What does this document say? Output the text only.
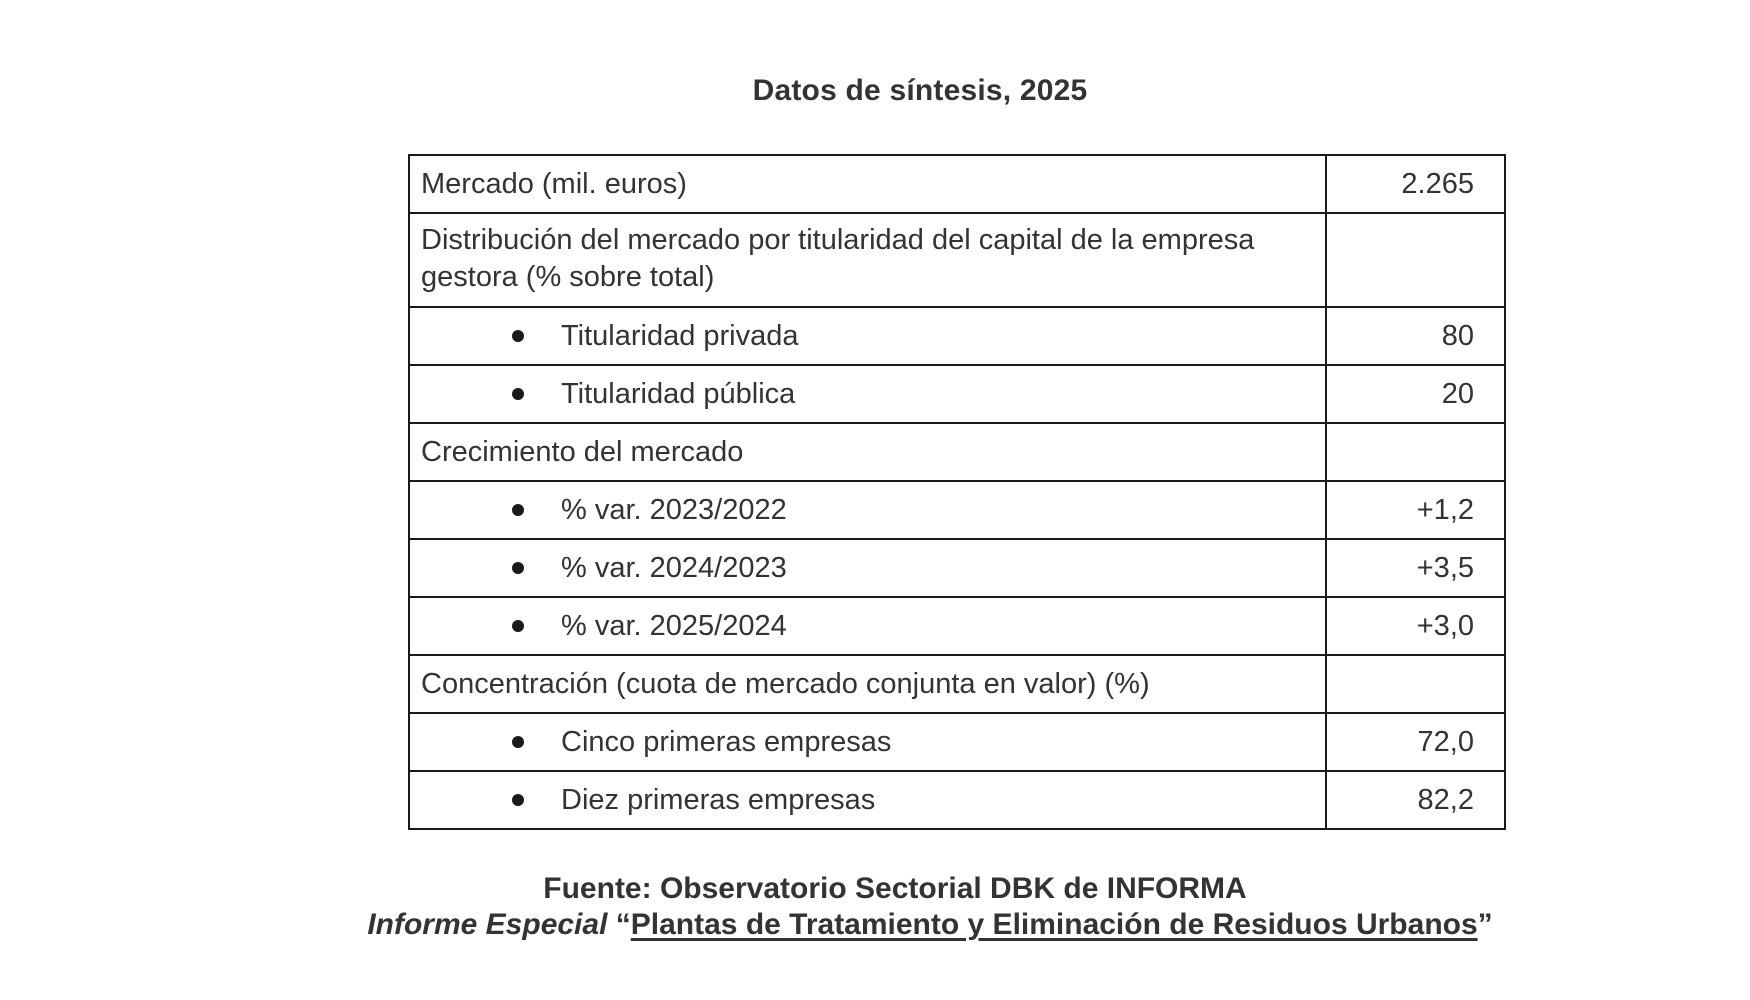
Datos de síntesis, 2025
Mercado (mil. euros)	2.265
Distribución del mercado por titularidad del capital de la empresa gestora (% sobre total)	

Titularidad privada	80

Titularidad pública	20
Crecimiento del mercado	

% var. 2023/2022	+1,2

% var. 2024/2023	+3,5

% var. 2025/2024	+3,0
Concentración (cuota de mercado conjunta en valor) (%)	

Cinco primeras empresas	72,0

Diez primeras empresas	82,2
Fuente: Observatorio Sectorial DBK de INFORMA
Informe Especial “Plantas de Tratamiento y Eliminación de Residuos Urbanos”
